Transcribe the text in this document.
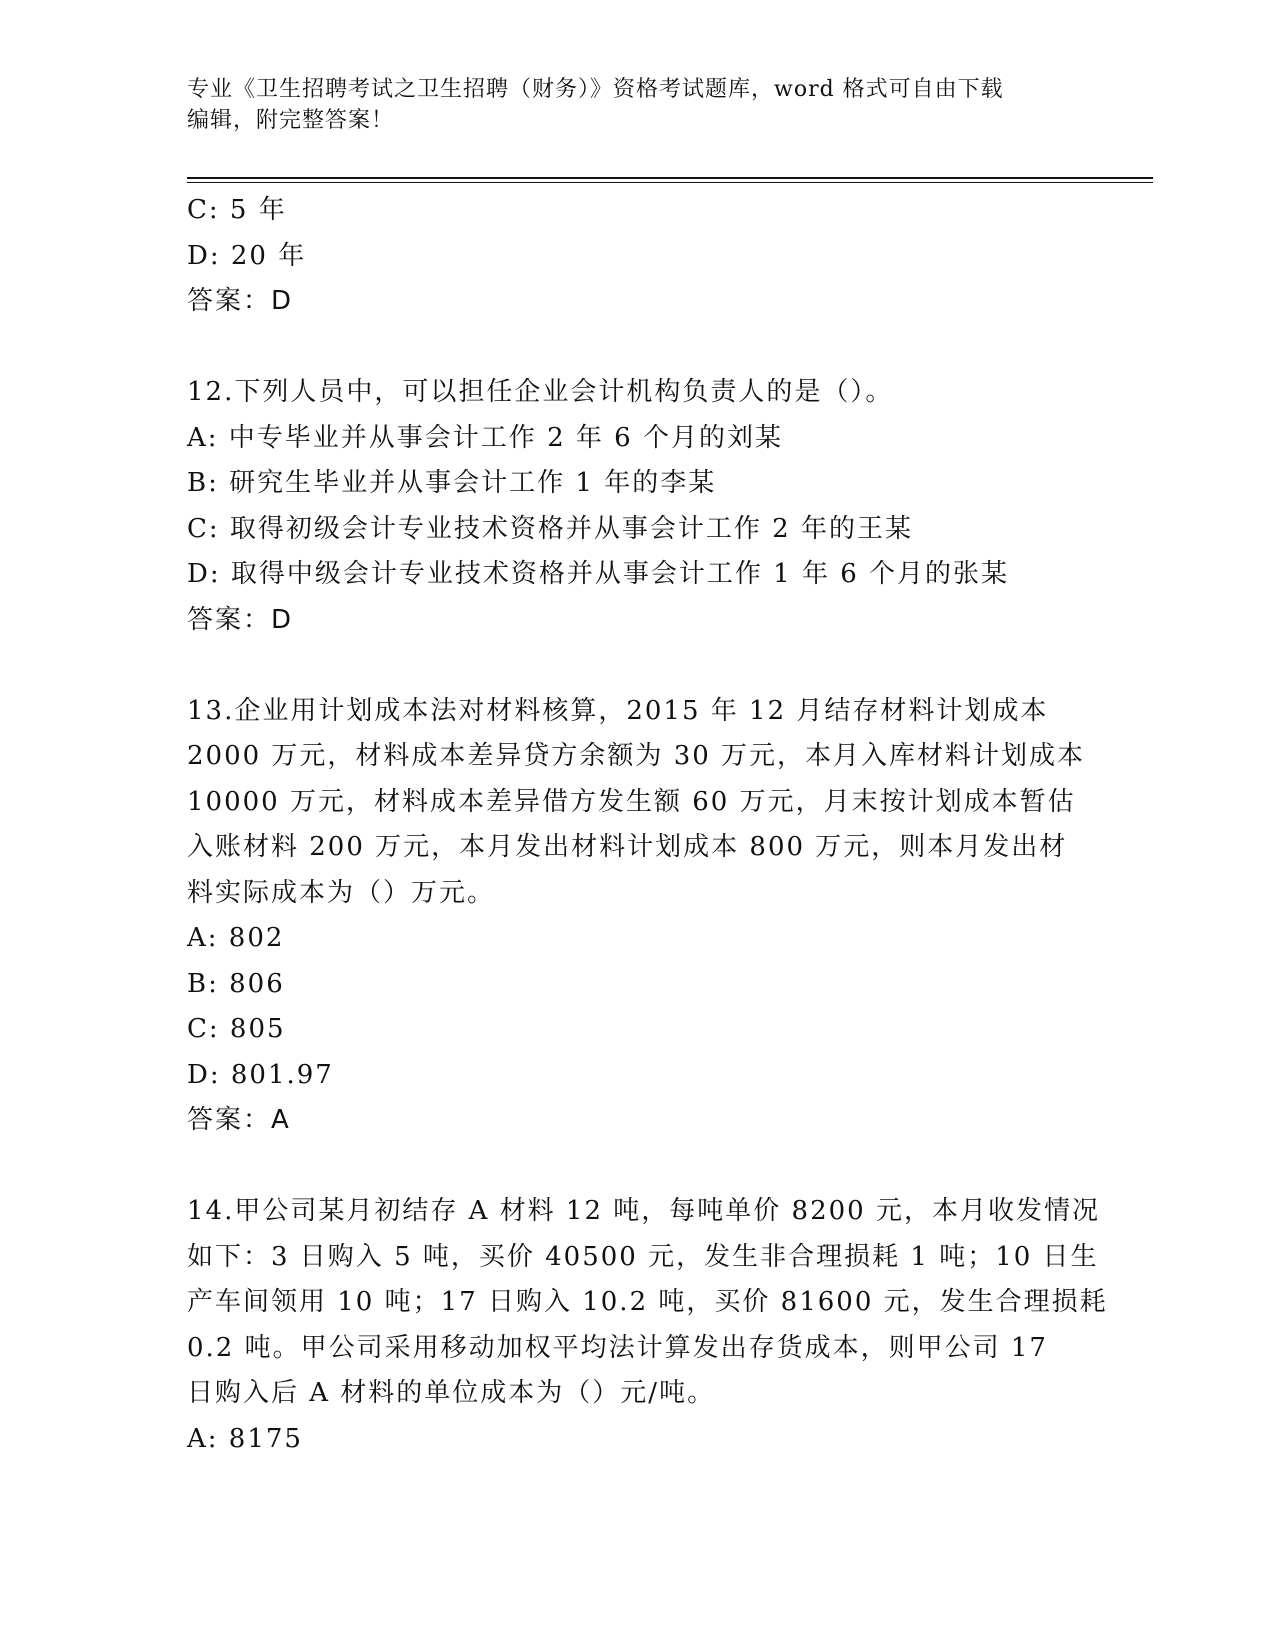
专业《卫生招聘考试之卫生招聘（财务）》资格考试题库，word 格式可自由下载
编辑，附完整答案！
C: 5 年
D: 20 年
答案：D
12.下列人员中，可以担任企业会计机构负责人的是（）。
A: 中专毕业并从事会计工作 2 年 6 个月的刘某
B: 研究生毕业并从事会计工作 1 年的李某
C: 取得初级会计专业技术资格并从事会计工作 2 年的王某
D: 取得中级会计专业技术资格并从事会计工作 1 年 6 个月的张某
答案：D
13.企业用计划成本法对材料核算，2015 年 12 月结存材料计划成本
2000 万元，材料成本差异贷方余额为 30 万元，本月入库材料计划成本
10000 万元，材料成本差异借方发生额 60 万元，月末按计划成本暂估
入账材料 200 万元，本月发出材料计划成本 800 万元，则本月发出材
料实际成本为（）万元。
A: 802
B: 806
C: 805
D: 801.97
答案：A
14.甲公司某月初结存 A 材料 12 吨，每吨单价 8200 元，本月收发情况
如下：3 日购入 5 吨，买价 40500 元，发生非合理损耗 1 吨；10 日生
产车间领用 10 吨；17 日购入 10.2 吨，买价 81600 元，发生合理损耗
0.2 吨。甲公司采用移动加权平均法计算发出存货成本，则甲公司 17
日购入后 A 材料的单位成本为（）元/吨。
A: 8175
